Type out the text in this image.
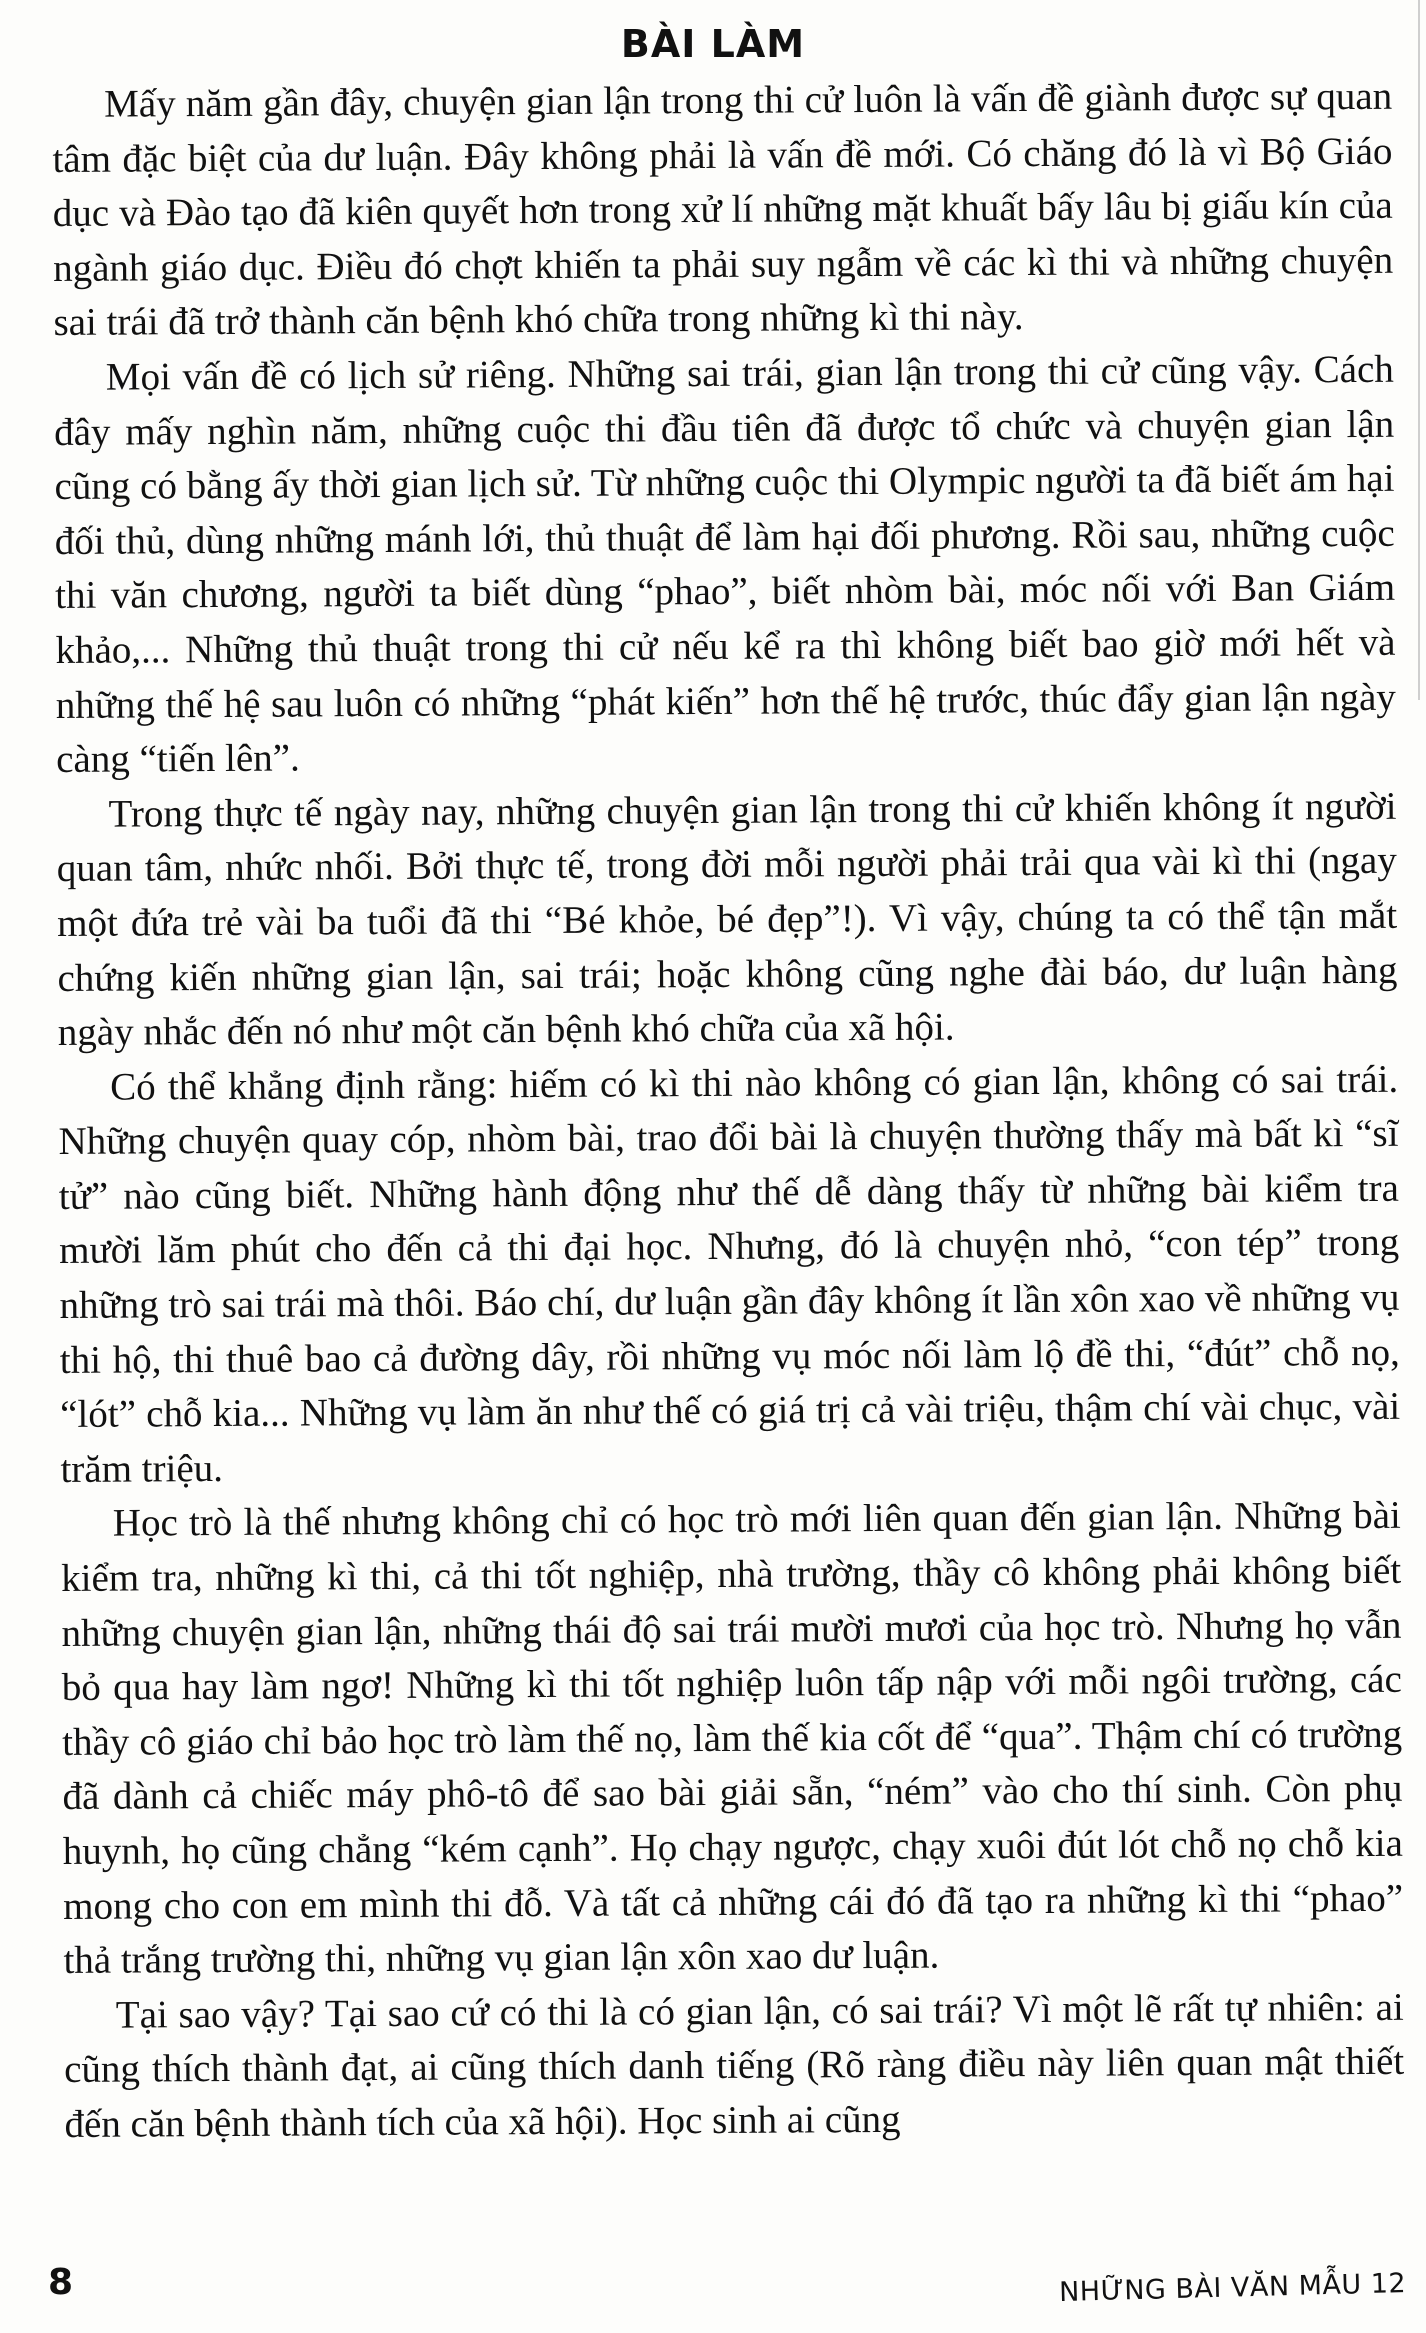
BÀI LÀM

Mấy năm gần đây, chuyện gian lận trong thi cử luôn là vấn đề giành được sự quan tâm đặc biệt của dư luận. Đây không phải là vấn đề mới. Có chăng đó là vì Bộ Giáo dục và Đào tạo đã kiên quyết hơn trong xử lí những mặt khuất bấy lâu bị giấu kín của ngành giáo dục. Điều đó chợt khiến ta phải suy ngẫm về các kì thi và những chuyện sai trái đã trở thành căn bệnh khó chữa trong những kì thi này.

Mọi vấn đề có lịch sử riêng. Những sai trái, gian lận trong thi cử cũng vậy. Cách đây mấy nghìn năm, những cuộc thi đầu tiên đã được tổ chức và chuyện gian lận cũng có bằng ấy thời gian lịch sử. Từ những cuộc thi Olympic người ta đã biết ám hại đối thủ, dùng những mánh lới, thủ thuật để làm hại đối phương. Rồi sau, những cuộc thi văn chương, người ta biết dùng “phao”, biết nhòm bài, móc nối với Ban Giám khảo,... Những thủ thuật trong thi cử nếu kể ra thì không biết bao giờ mới hết và những thế hệ sau luôn có những “phát kiến” hơn thế hệ trước, thúc đẩy gian lận ngày càng “tiến lên”.

Trong thực tế ngày nay, những chuyện gian lận trong thi cử khiến không ít người quan tâm, nhức nhối. Bởi thực tế, trong đời mỗi người phải trải qua vài kì thi (ngay một đứa trẻ vài ba tuổi đã thi “Bé khỏe, bé đẹp”!). Vì vậy, chúng ta có thể tận mắt chứng kiến những gian lận, sai trái; hoặc không cũng nghe đài báo, dư luận hàng ngày nhắc đến nó như một căn bệnh khó chữa của xã hội.

Có thể khẳng định rằng: hiếm có kì thi nào không có gian lận, không có sai trái. Những chuyện quay cóp, nhòm bài, trao đổi bài là chuyện thường thấy mà bất kì “sĩ tử” nào cũng biết. Những hành động như thế dễ dàng thấy từ những bài kiểm tra mười lăm phút cho đến cả thi đại học. Nhưng, đó là chuyện nhỏ, “con tép” trong những trò sai trái mà thôi. Báo chí, dư luận gần đây không ít lần xôn xao về những vụ thi hộ, thi thuê bao cả đường dây, rồi những vụ móc nối làm lộ đề thi, “đút” chỗ nọ, “lót” chỗ kia... Những vụ làm ăn như thế có giá trị cả vài triệu, thậm chí vài chục, vài trăm triệu.

Học trò là thế nhưng không chỉ có học trò mới liên quan đến gian lận. Những bài kiểm tra, những kì thi, cả thi tốt nghiệp, nhà trường, thầy cô không phải không biết những chuyện gian lận, những thái độ sai trái mười mươi của học trò. Nhưng họ vẫn bỏ qua hay làm ngơ! Những kì thi tốt nghiệp luôn tấp nập với mỗi ngôi trường, các thầy cô giáo chỉ bảo học trò làm thế nọ, làm thế kia cốt để “qua”. Thậm chí có trường đã dành cả chiếc máy phô-tô để sao bài giải sẵn, “ném” vào cho thí sinh. Còn phụ huynh, họ cũng chẳng “kém cạnh”. Họ chạy ngược, chạy xuôi đút lót chỗ nọ chỗ kia mong cho con em mình thi đỗ. Và tất cả những cái đó đã tạo ra những kì thi “phao” thả trắng trường thi, những vụ gian lận xôn xao dư luận.

Tại sao vậy? Tại sao cứ có thi là có gian lận, có sai trái? Vì một lẽ rất tự nhiên: ai cũng thích thành đạt, ai cũng thích danh tiếng (Rõ ràng điều này liên quan mật thiết đến căn bệnh thành tích của xã hội). Học sinh ai cũng

8	NHỮNG BÀI VĂN MẪU 12
